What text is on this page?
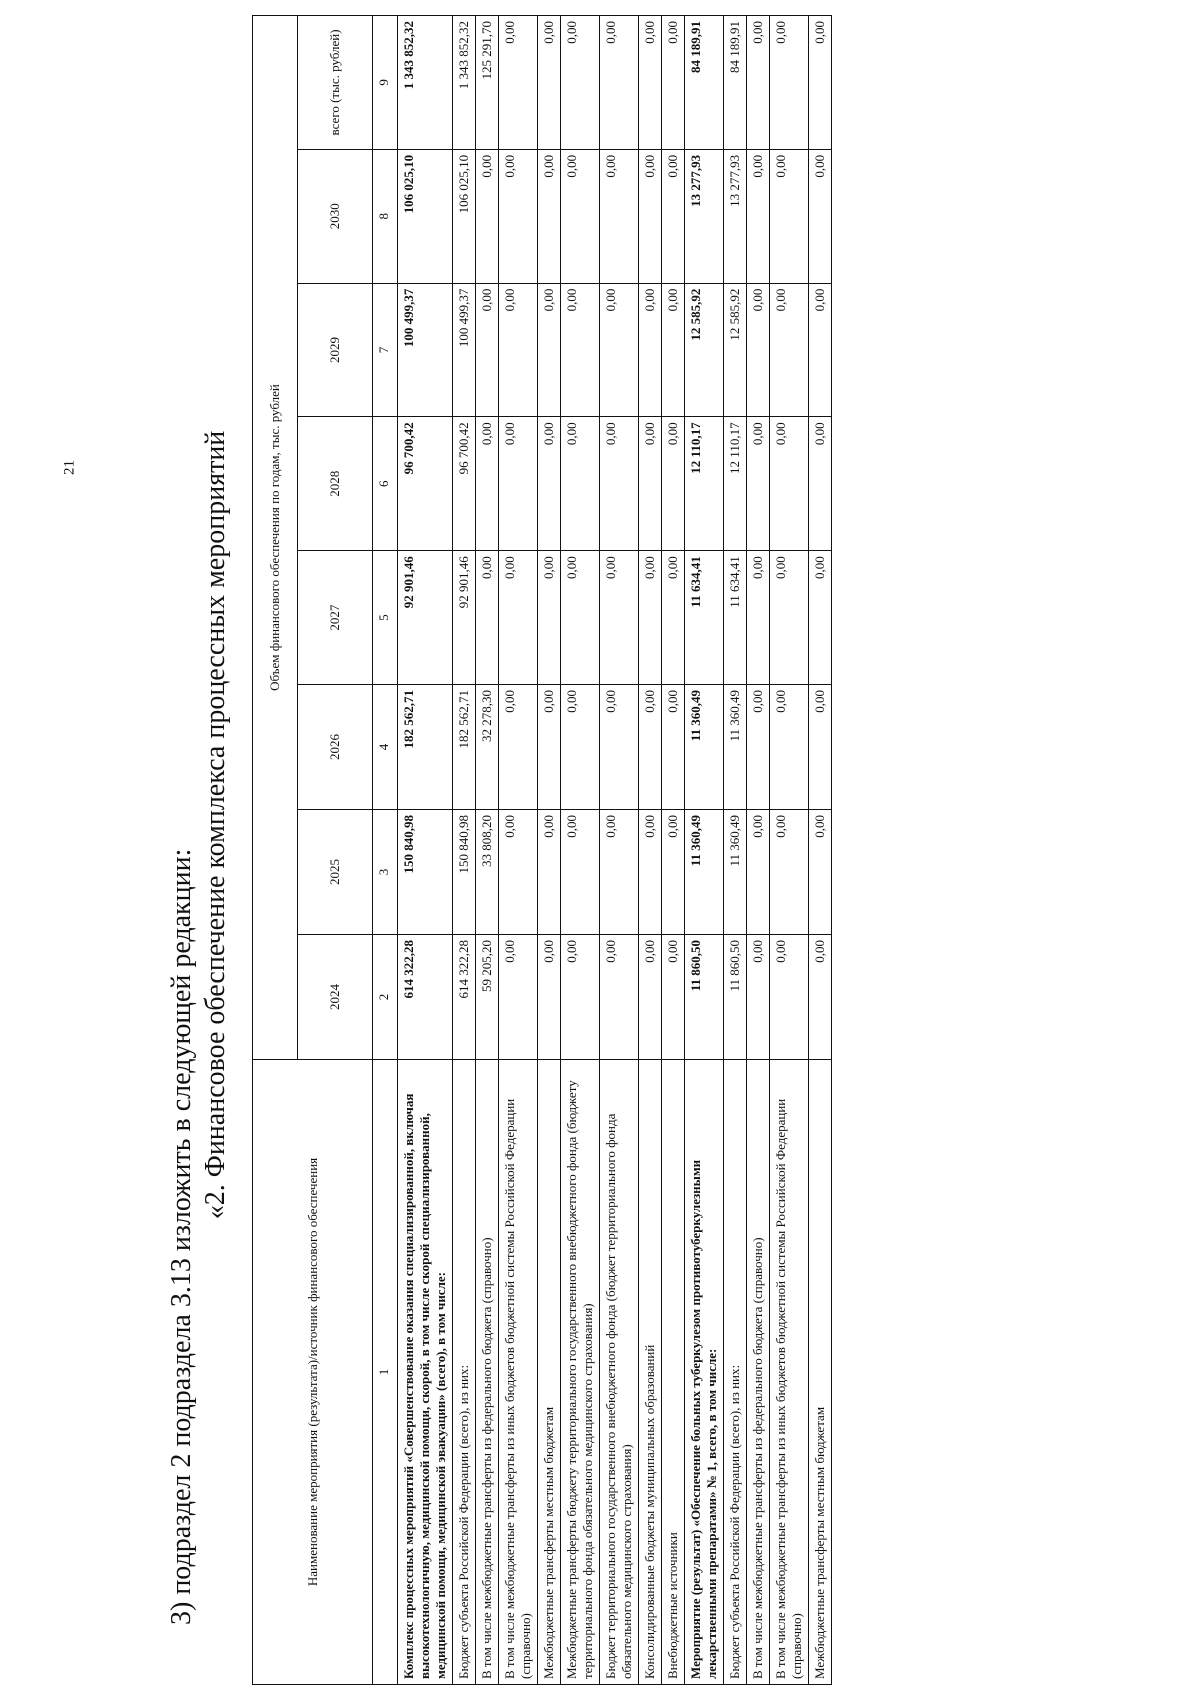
21
3) подраздел 2 подраздела 3.13 изложить в следующей редакции:
«2. Финансовое обеспечение комплекса процессных мероприятий
Наименование мероприятия (результата)/источник финансового обеспечения	Объем финансового обеспечения по годам, тыс. рублей							
	2024	2025	2026	2027	2028	2029	2030	всего (тыс. рублей)
1	2	3	4	5	6	7	8	9
Комплекс процессных мероприятий «Совершенствование оказания специализированной, включая высокотехнологичную, медицинской помощи, скорой, в том числе скорой специализированной, медицинской помощи, медицинской эвакуации» (всего), в том числе:	614 322,28	150 840,98	182 562,71	92 901,46	96 700,42	100 499,37	106 025,10	1 343 852,32
Бюджет субъекта Российской Федерации (всего), из них:	614 322,28	150 840,98	182 562,71	92 901,46	96 700,42	100 499,37	106 025,10	1 343 852,32
В том числе межбюджетные трансферты из федерального бюджета (справочно)	59 205,20	33 808,20	32 278,30	0,00	0,00	0,00	0,00	125 291,70
В том числе межбюджетные трансферты из иных бюджетов бюджетной системы Российской Федерации (справочно)	0,00	0,00	0,00	0,00	0,00	0,00	0,00	0,00
Межбюджетные трансферты местным бюджетам	0,00	0,00	0,00	0,00	0,00	0,00	0,00	0,00
Межбюджетные трансферты бюджету территориального государственного внебюджетного фонда (бюджету территориального фонда обязательного медицинского страхования)	0,00	0,00	0,00	0,00	0,00	0,00	0,00	0,00
Бюджет территориального государственного внебюджетного фонда (бюджет территориального фонда обязательного медицинского страхования)	0,00	0,00	0,00	0,00	0,00	0,00	0,00	0,00
Консолидированные бюджеты муниципальных образований	0,00	0,00	0,00	0,00	0,00	0,00	0,00	0,00
Внебюджетные источники	0,00	0,00	0,00	0,00	0,00	0,00	0,00	0,00
Мероприятие (результат) «Обеспечение больных туберкулезом противотуберкулезными лекарственными препаратами» № 1, всего, в том числе:	11 860,50	11 360,49	11 360,49	11 634,41	12 110,17	12 585,92	13 277,93	84 189,91
Бюджет субъекта Российской Федерации (всего), из них:	11 860,50	11 360,49	11 360,49	11 634,41	12 110,17	12 585,92	13 277,93	84 189,91
В том числе межбюджетные трансферты из федерального бюджета (справочно)	0,00	0,00	0,00	0,00	0,00	0,00	0,00	0,00
В том числе межбюджетные трансферты из иных бюджетов бюджетной системы Российской Федерации (справочно)	0,00	0,00	0,00	0,00	0,00	0,00	0,00	0,00
Межбюджетные трансферты местным бюджетам	0,00	0,00	0,00	0,00	0,00	0,00	0,00	0,00
